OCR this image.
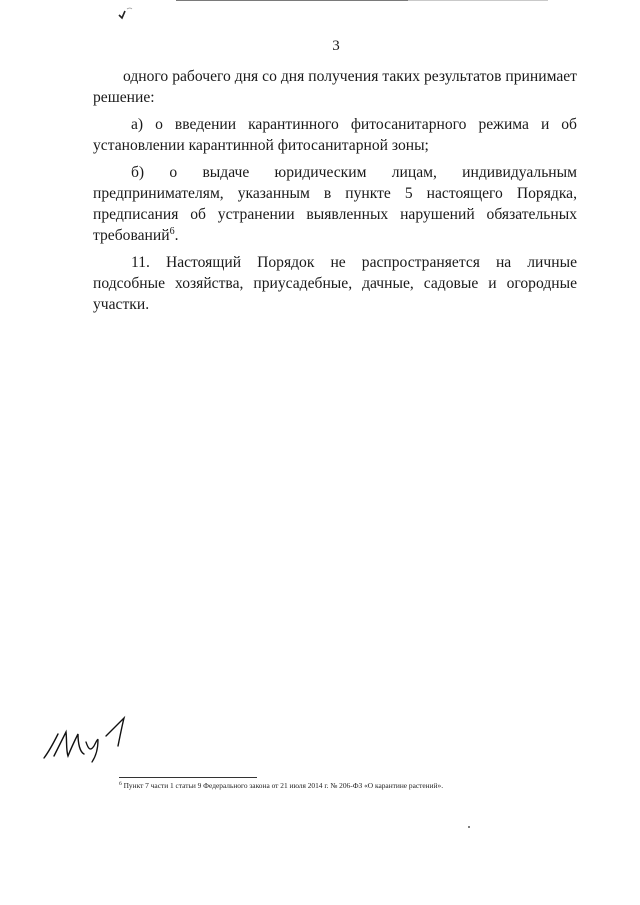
3

одного рабочего дня со дня получения таких результатов принимает решение:

а) о введении карантинного фитосанитарного режима и об установлении карантинной фитосанитарной зоны;

б) о выдаче юридическим лицам, индивидуальным
предпринимателям, указанным в пункте 5 настоящего Порядка,
предписания об устранении выявленных нарушений обязательных
требований$^6$.

11. Настоящий Порядок не распространяется на личные подсобные хозяйства, приусадебные, дачные, садовые и огородные участки.

$^6$ Пункт 7 части 1 статьи 9 Федерального закона от 21 июля 2014 г. № 206-ФЗ «О карантине растений».
